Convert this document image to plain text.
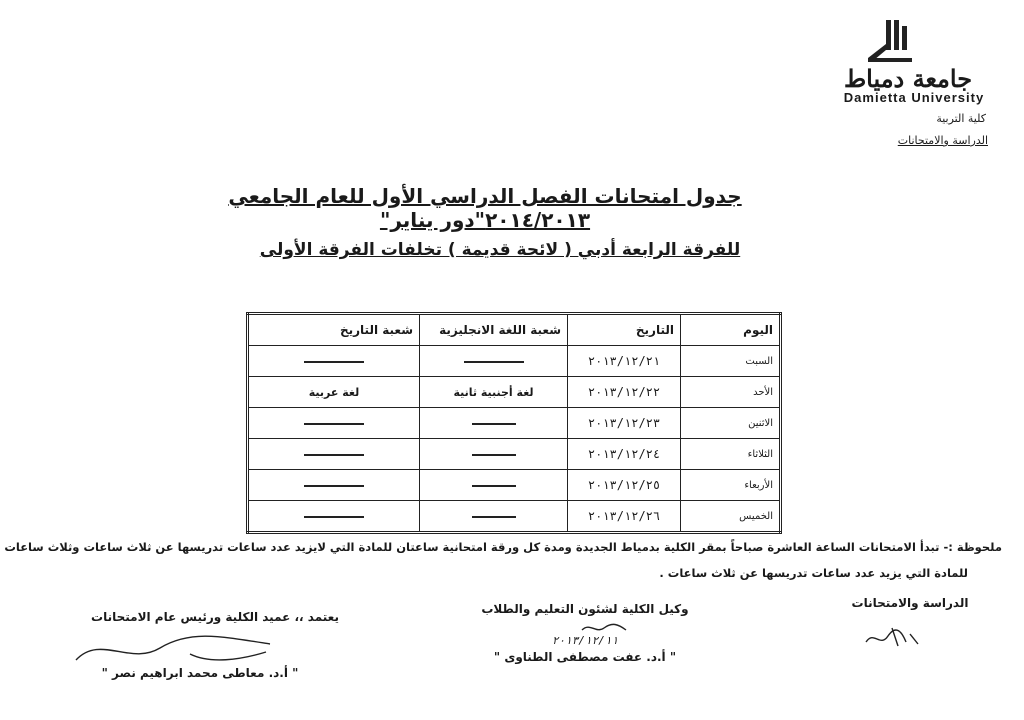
جامعة دمياط
Damietta University
كلية التربية
الدراسة والامتحانات
جدول امتحانات الفصل الدراسي الأول للعام الجامعي ٢٠١٤/٢٠١٣"دور يناير"
للفرقة الرابعة أدبي ( لائحة قديمة ) تخلفات الفرقة الأولى
اليوم	التاريخ	شعبة اللغة الانجليزية	شعبة التاريخ
السبت	٢٠١٣/١٢/٢١		
الأحد	٢٠١٣/١٢/٢٢	لغة أجنبية ثانية	لغة عربية
الاثنين	٢٠١٣/١٢/٢٣		
الثلاثاء	٢٠١٣/١٢/٢٤		
الأربعاء	٢٠١٣/١٢/٢٥		
الخميس	٢٠١٣/١٢/٢٦		
ملحوظة :- تبدأ الامتحانات الساعة العاشرة صباحاً بمقر الكلية بدمياط الجديدة ومدة كل ورقة امتحانية ساعتان للمادة التي لايزيد عدد ساعات تدريسها عن ثلاث ساعات وثلاث ساعات
للمادة التي يزيد عدد ساعات تدريسها عن ثلاث ساعات .
الدراسة والامتحانات
وكيل الكلية لشئون التعليم والطلاب
٢٠١٣/١٢/١١
" أ.د. عفت مصطفى الطناوى "
يعتمد ،، عميد الكلية ورئيس عام الامتحانات
" أ.د. معاطى محمد ابراهيم نصر "
